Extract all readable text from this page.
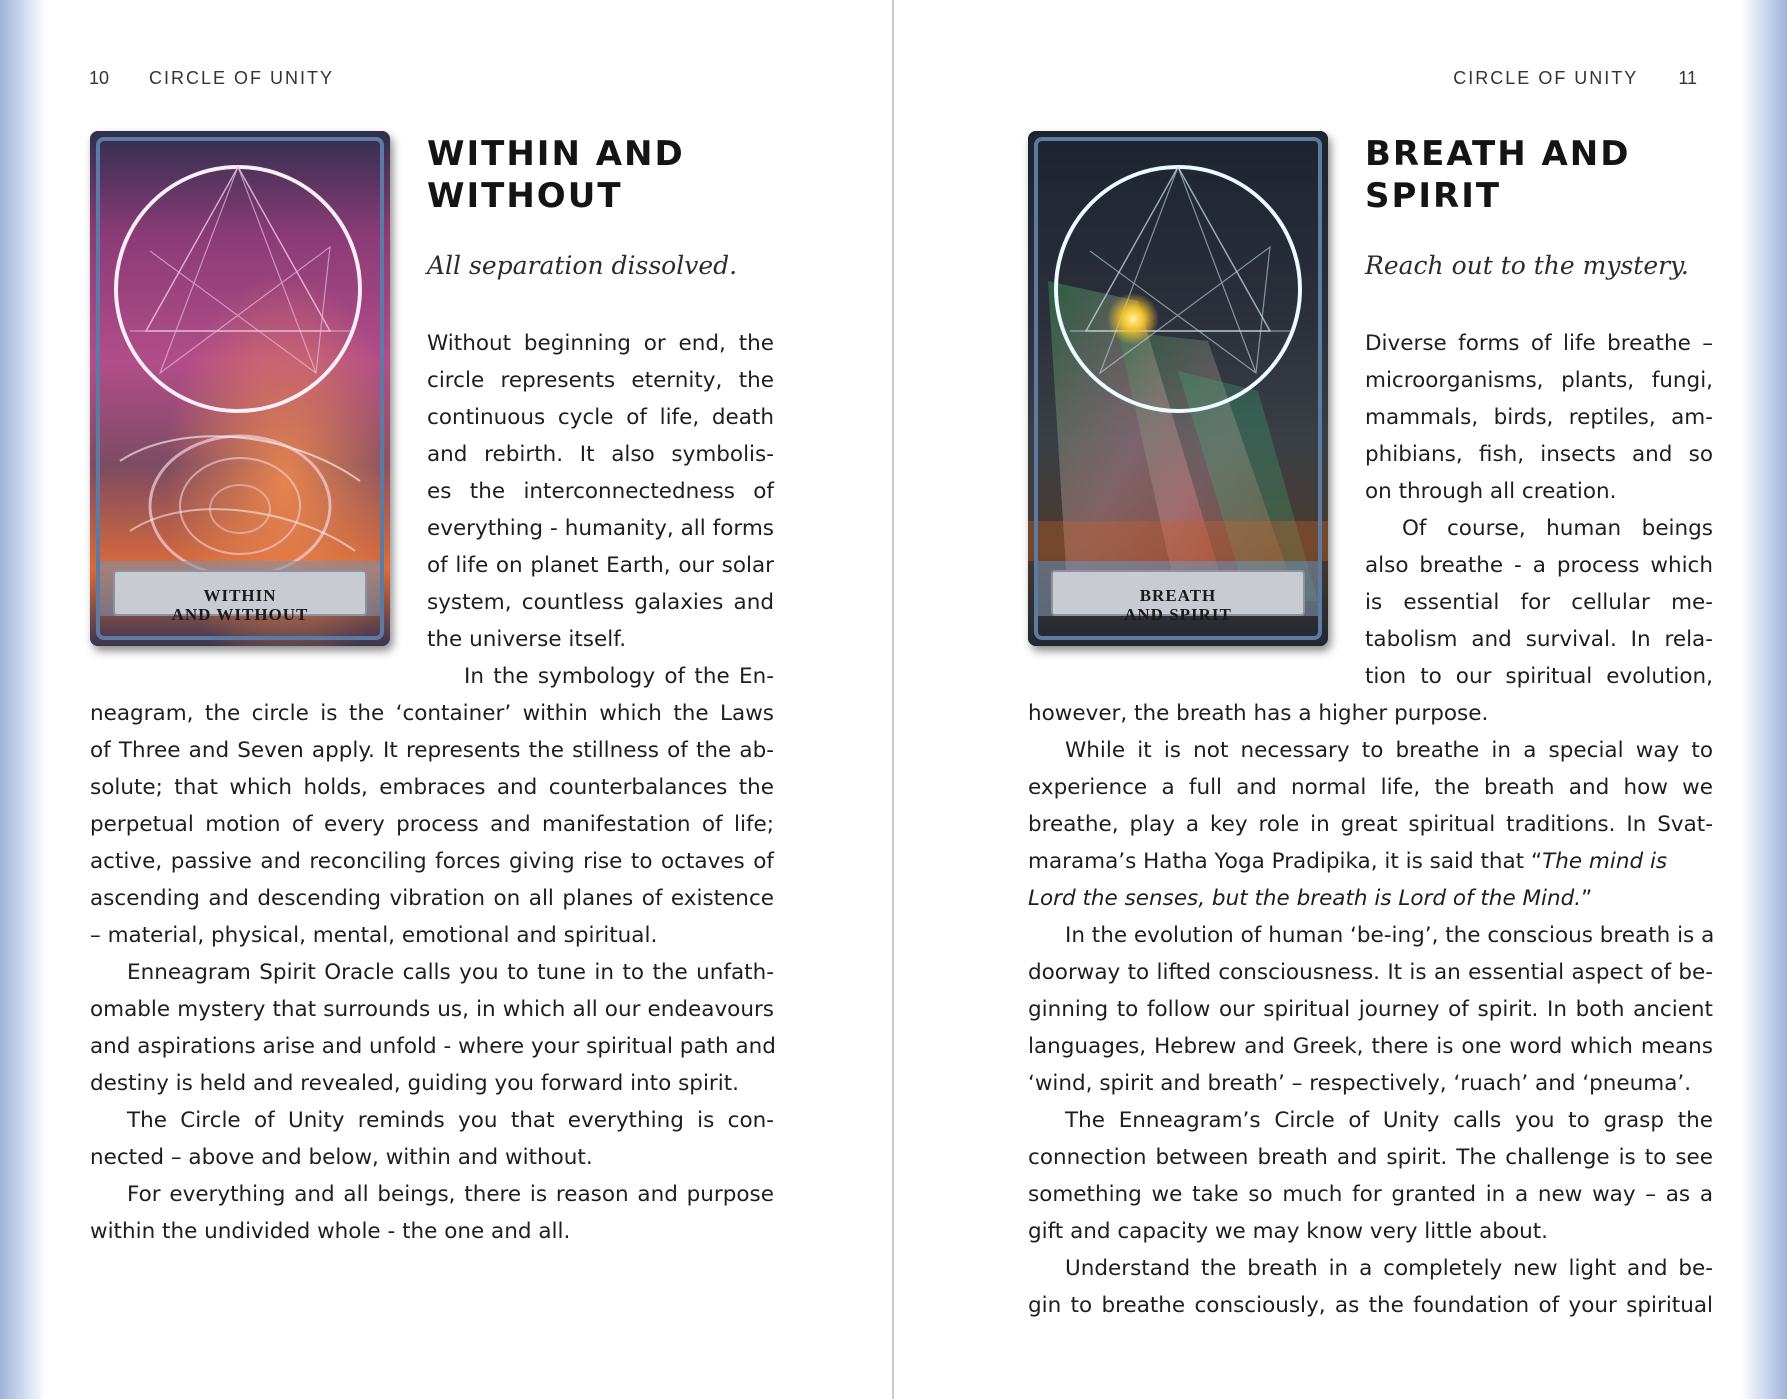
10 CIRCLE OF UNITY
WITHIN
AND WITHOUT
WITHIN AND
WITHOUT
All separation dissolved.
Without beginning or end, the
circle represents eternity, the
continuous cycle of life, death
and rebirth. It also symbolis-
es the interconnectedness of
everything - humanity, all forms
of life on planet Earth, our solar
system, countless galaxies and
the universe itself.
In the symbology of the En-
neagram, the circle is the ‘container’ within which the Laws
of Three and Seven apply. It represents the stillness of the ab-
solute; that which holds, embraces and counterbalances the
perpetual motion of every process and manifestation of life;
active, passive and reconciling forces giving rise to octaves of
ascending and descending vibration on all planes of existence
– material, physical, mental, emotional and spiritual.
Enneagram Spirit Oracle calls you to tune in to the unfath-
omable mystery that surrounds us, in which all our endeavours
and aspirations arise and unfold - where your spiritual path and
destiny is held and revealed, guiding you forward into spirit.
The Circle of Unity reminds you that everything is con-
nected – above and below, within and without.
For everything and all beings, there is reason and purpose
within the undivided whole - the one and all.
CIRCLE OF UNITY 11
BREATH
AND SPIRIT
BREATH AND
SPIRIT
Reach out to the mystery.
Diverse forms of life breathe –
microorganisms, plants, fungi,
mammals, birds, reptiles, am-
phibians, fish, insects and so
on through all creation.
Of course, human beings
also breathe - a process which
is essential for cellular me-
tabolism and survival. In rela-
tion to our spiritual evolution,
however, the breath has a higher purpose.
While it is not necessary to breathe in a special way to
experience a full and normal life, the breath and how we
breathe, play a key role in great spiritual traditions. In Svat-
marama’s Hatha Yoga Pradipika, it is said that “The mind is
Lord the senses, but the breath is Lord of the Mind.”
In the evolution of human ‘be-ing’, the conscious breath is a
doorway to lifted consciousness. It is an essential aspect of be-
ginning to follow our spiritual journey of spirit. In both ancient
languages, Hebrew and Greek, there is one word which means
‘wind, spirit and breath’ – respectively, ‘ruach’ and ‘pneuma’.
The Enneagram’s Circle of Unity calls you to grasp the
connection between breath and spirit. The challenge is to see
something we take so much for granted in a new way – as a
gift and capacity we may know very little about.
Understand the breath in a completely new light and be-
gin to breathe consciously, as the foundation of your spiritual
